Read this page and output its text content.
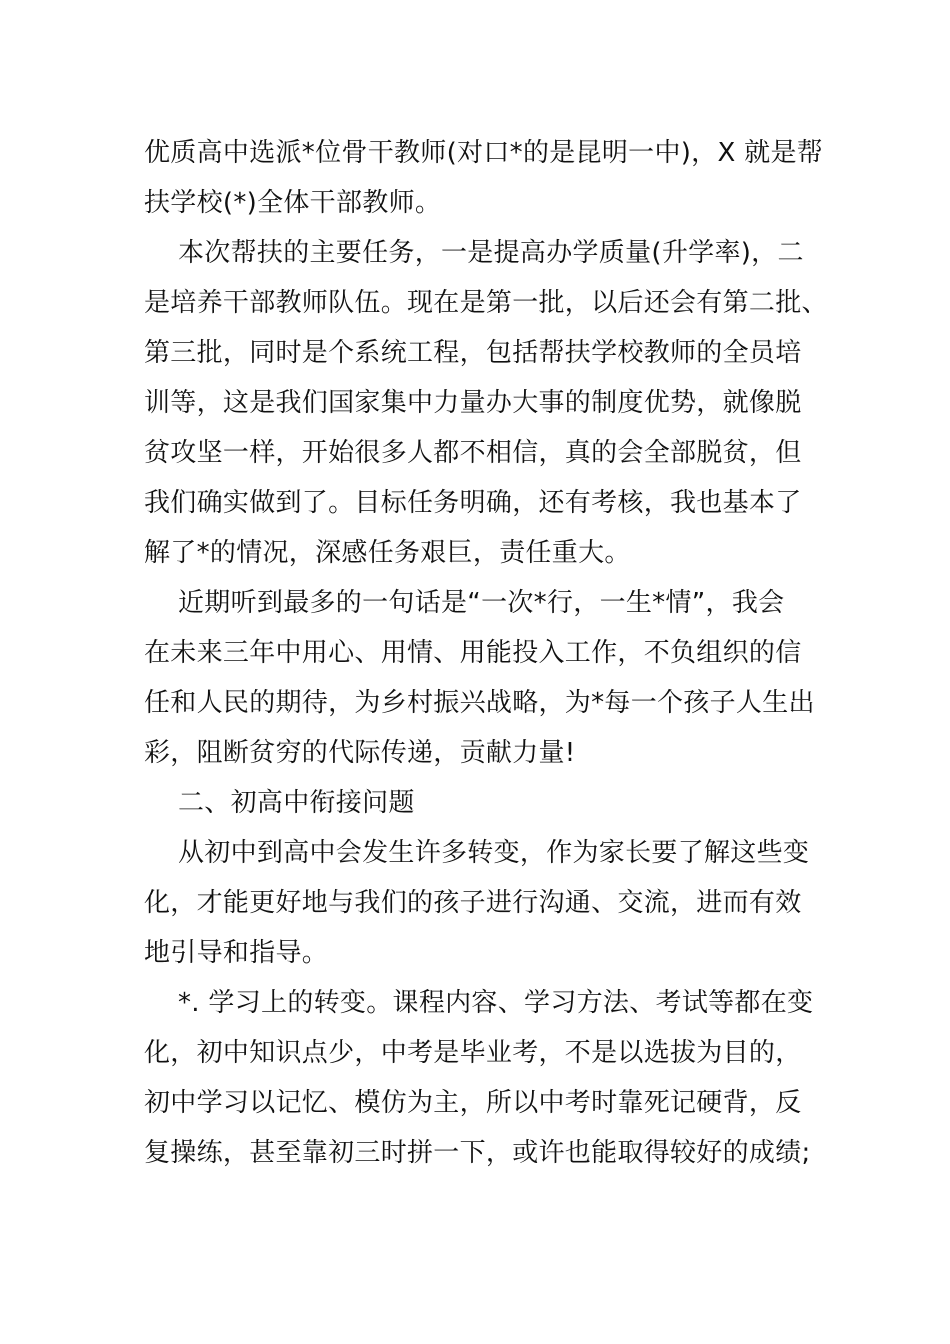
优质高中选派*位骨干教师(对口*的是昆明一中)，X 就是帮
扶学校(*)全体干部教师。

本次帮扶的主要任务，一是提高办学质量(升学率)，二
是培养干部教师队伍。现在是第一批，以后还会有第二批、
第三批，同时是个系统工程，包括帮扶学校教师的全员培
训等，这是我们国家集中力量办大事的制度优势，就像脱
贫攻坚一样，开始很多人都不相信，真的会全部脱贫，但
我们确实做到了。目标任务明确，还有考核，我也基本了
解了*的情况，深感任务艰巨，责任重大。

近期听到最多的一句话是“一次*行，一生*情”，我会
在未来三年中用心、用情、用能投入工作，不负组织的信
任和人民的期待，为乡村振兴战略，为*每一个孩子人生出
彩，阻断贫穷的代际传递，贡献力量!

二、初高中衔接问题

从初中到高中会发生许多转变，作为家长要了解这些变
化，才能更好地与我们的孩子进行沟通、交流，进而有效
地引导和指导。

*. 学习上的转变。课程内容、学习方法、考试等都在变
化，初中知识点少，中考是毕业考，不是以选拔为目的，
初中学习以记忆、模仿为主，所以中考时靠死记硬背，反
复操练，甚至靠初三时拼一下，或许也能取得较好的成绩;
